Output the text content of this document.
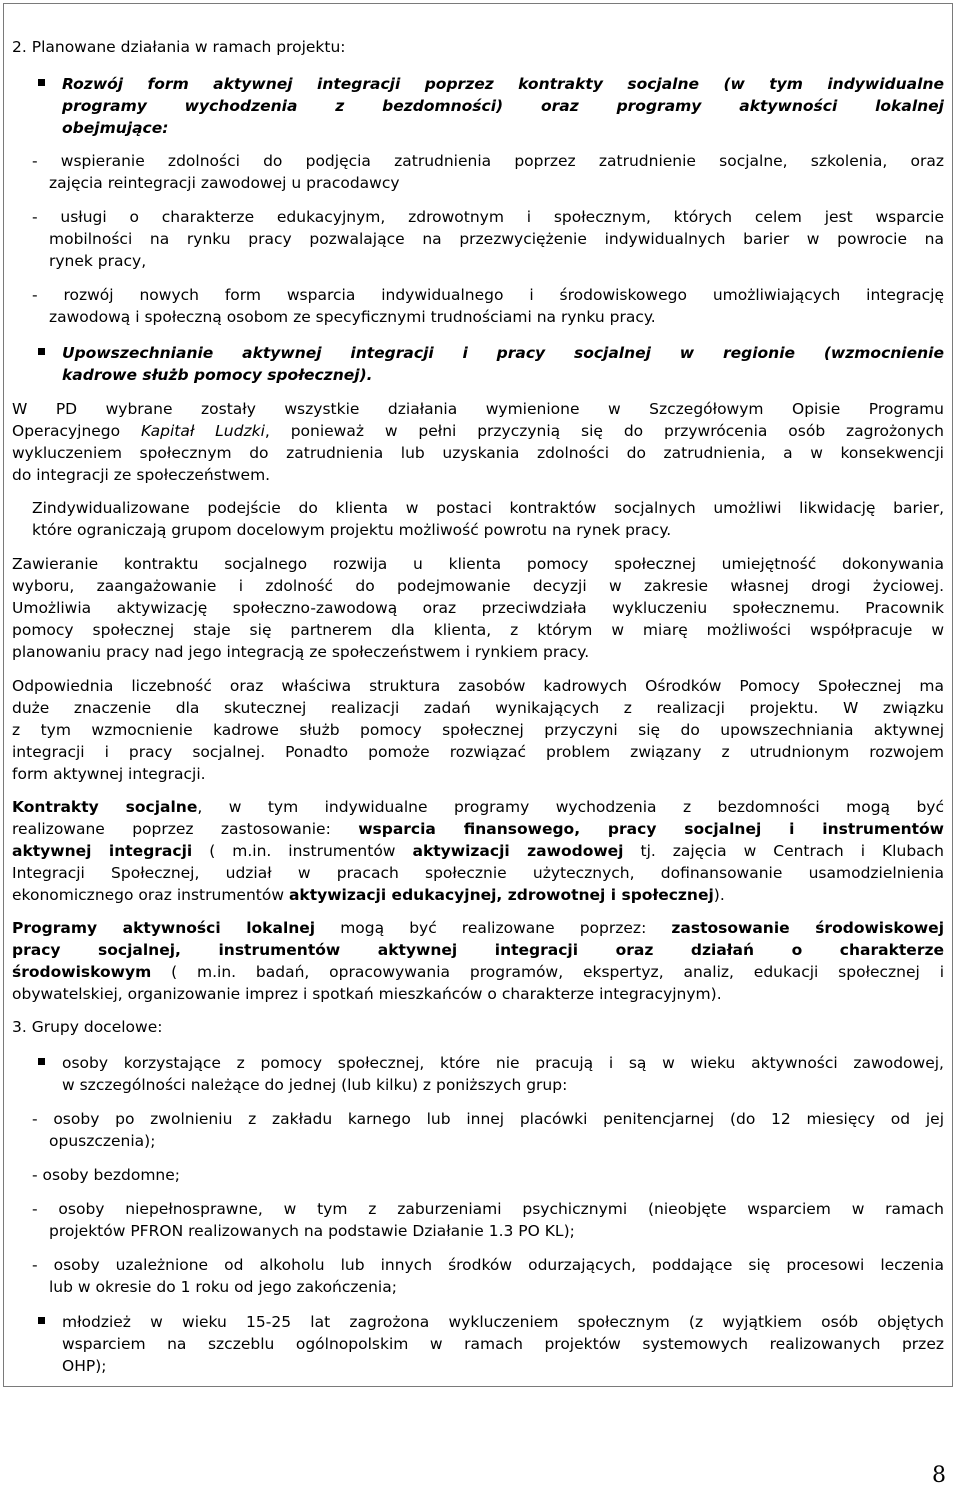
2. Planowane działania w ramach projektu:
Rozwój form aktywnej integracji poprzez kontrakty socjalne (w tym indywidualne
programy wychodzenia z bezdomności) oraz programy aktywności lokalnej
obejmujące:
- wspieranie zdolności do podjęcia zatrudnienia poprzez zatrudnienie socjalne, szkolenia, oraz
zajęcia reintegracji zawodowej u pracodawcy
- usługi o charakterze edukacyjnym, zdrowotnym i społecznym, których celem jest wsparcie
mobilności na rynku pracy pozwalające na przezwyciężenie indywidualnych barier w powrocie na
rynek pracy,
- rozwój nowych form wsparcia indywidualnego i środowiskowego umożliwiających integrację
zawodową i społeczną osobom ze specyficznymi trudnościami na rynku pracy.
Upowszechnianie aktywnej integracji i pracy socjalnej w regionie (wzmocnienie
kadrowe służb pomocy społecznej).
W PD wybrane zostały wszystkie działania wymienione w Szczegółowym Opisie Programu
Operacyjnego Kapitał Ludzki, ponieważ w pełni przyczynią się do przywrócenia osób zagrożonych
wykluczeniem społecznym do zatrudnienia lub uzyskania zdolności do zatrudnienia, a w konsekwencji
do integracji ze społeczeństwem.
Zindywidualizowane podejście do klienta w postaci kontraktów socjalnych umożliwi likwidację barier,
które ograniczają grupom docelowym projektu możliwość powrotu na rynek pracy.
Zawieranie kontraktu socjalnego rozwija u klienta pomocy społecznej umiejętność dokonywania
wyboru, zaangażowanie i zdolność do podejmowanie decyzji w zakresie własnej drogi życiowej.
Umożliwia aktywizację społeczno-zawodową oraz przeciwdziała wykluczeniu społecznemu. Pracownik
pomocy społecznej staje się partnerem dla klienta, z którym w miarę możliwości współpracuje w
planowaniu pracy nad jego integracją ze społeczeństwem i rynkiem pracy.
Odpowiednia liczebność oraz właściwa struktura zasobów kadrowych Ośrodków Pomocy Społecznej ma
duże znaczenie dla skutecznej realizacji zadań wynikających z realizacji projektu. W związku
z tym wzmocnienie kadrowe służb pomocy społecznej przyczyni się do upowszechniania aktywnej
integracji i pracy socjalnej. Ponadto pomoże rozwiązać problem związany z utrudnionym rozwojem
form aktywnej integracji.
Kontrakty socjalne, w tym indywidualne programy wychodzenia z bezdomności mogą być
realizowane poprzez zastosowanie: wsparcia finansowego, pracy socjalnej i instrumentów
aktywnej integracji ( m.in. instrumentów aktywizacji zawodowej tj. zajęcia w Centrach i Klubach
Integracji Społecznej, udział w pracach społecznie użytecznych, dofinansowanie usamodzielnienia
ekonomicznego oraz instrumentów aktywizacji edukacyjnej, zdrowotnej i społecznej).
Programy aktywności lokalnej mogą być realizowane poprzez: zastosowanie środowiskowej
pracy socjalnej, instrumentów aktywnej integracji oraz działań o charakterze
środowiskowym ( m.in. badań, opracowywania programów, ekspertyz, analiz, edukacji społecznej i
obywatelskiej, organizowanie imprez i spotkań mieszkańców o charakterze integracyjnym).
3. Grupy docelowe:
osoby korzystające z pomocy społecznej, które nie pracują i są w wieku aktywności zawodowej,
w szczególności należące do jednej (lub kilku) z poniższych grup:
- osoby po zwolnieniu z zakładu karnego lub innej placówki penitencjarnej (do 12 miesięcy od jej
opuszczenia);
- osoby bezdomne;
- osoby niepełnosprawne, w tym z zaburzeniami psychicznymi (nieobjęte wsparciem w ramach
projektów PFRON realizowanych na podstawie Działanie 1.3 PO KL);
- osoby uzależnione od alkoholu lub innych środków odurzających, poddające się procesowi leczenia
lub w okresie do 1 roku od jego zakończenia;
młodzież w wieku 15-25 lat zagrożona wykluczeniem społecznym (z wyjątkiem osób objętych
wsparciem na szczeblu ogólnopolskim w ramach projektów systemowych realizowanych przez
OHP);
8
